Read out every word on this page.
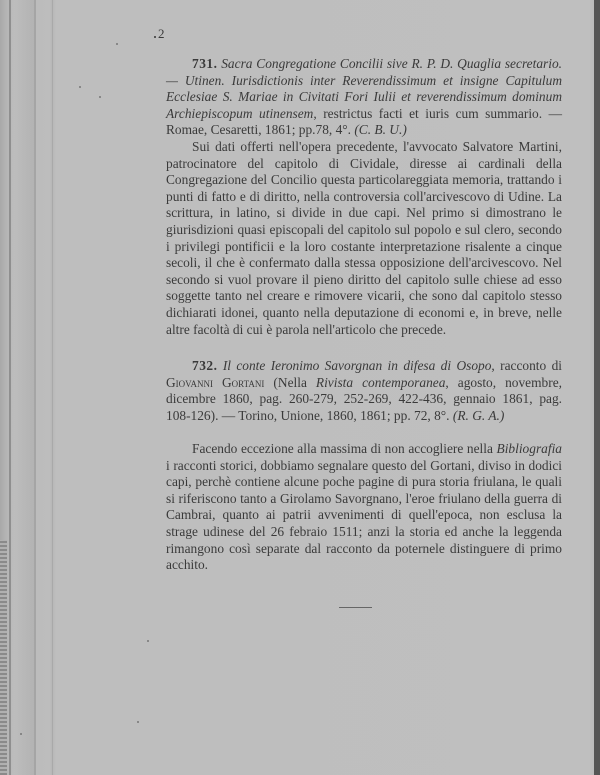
2

731. Sacra Congregatione Concilii sive R. P. D. Quaglia secretario.— Utinen. Iurisdictionis inter Reverendissimum et insigne Capitulum Ecclesiae S. Mariae in Civitati Fori Iulii et reverendissimum dominum Archiepiscopum utinensem, restrictus facti et iuris cum summario. — Romae, Cesaretti, 1861; pp.78, 4°. (C. B. U.)

Sui dati offerti nell'opera precedente, l'avvocato Salvatore Martini, patrocinatore del capitolo di Cividale, diresse ai cardinali della Congregazione del Concilio questa particolareggiata memoria, trattando i punti di fatto e di diritto, nella controversia coll'arcivescovo di Udine. La scrittura, in latino, si divide in due capi. Nel primo si dimostrano le giurisdizioni quasi episcopali del capitolo sul popolo e sul clero, secondo i privilegi pontificii e la loro costante interpretazione risalente a cinque secoli, il che è confermato dalla stessa opposizione dell'arcivescovo. Nel secondo si vuol provare il pieno diritto del capitolo sulle chiese ad esso soggette tanto nel creare e rimovere vicarii, che sono dal capitolo stesso dichiarati idonei, quanto nella deputazione di economi e, in breve, nelle altre facoltà di cui è parola nell'articolo che precede.

732. Il conte Ieronimo Savorgnan in difesa di Osopo, racconto di Giovanni Gortani (Nella Rivista contemporanea, agosto, novembre, dicembre 1860, pag. 260-279, 252-269, 422-436, gennaio 1861, pag. 108-126). — Torino, Unione, 1860, 1861; pp. 72, 8°. (R. G. A.)

Facendo eccezione alla massima di non accogliere nella Bibliografia i racconti storici, dobbiamo segnalare questo del Gortani, diviso in dodici capi, perchè contiene alcune poche pagine di pura storia friulana, le quali si riferiscono tanto a Girolamo Savorgnano, l'eroe friulano della guerra di Cambrai, quanto ai patrii avvenimenti di quell'epoca, non esclusa la strage udinese del 26 febraio 1511; anzi la storia ed anche la leggenda rimangono così separate dal racconto da poternele distinguere di primo acchito.
